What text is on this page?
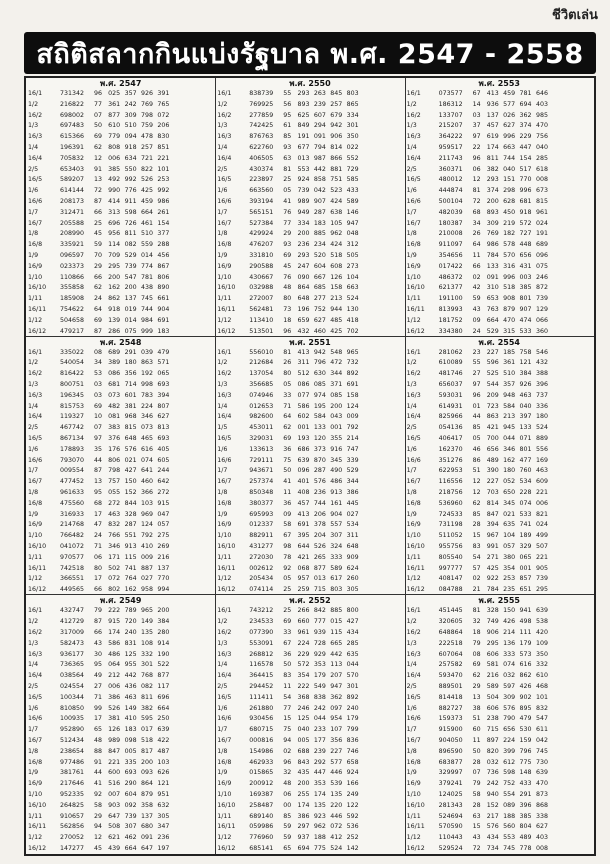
ชีวิตเล่น
สถิติสลากกินแบ่งรัฐบาล พ.ศ. 2547 - 2558
พ.ศ. 2547
16/1	731342	96 025 357 926 391
1/2	216822	77 361 242 769 765
16/2	698002	07 877 309 798 072
1/3	697483	50 610 510 759 206
16/3	615366	69 779 094 478 830
1/4	196391	62 808 918 257 851
16/4	705832	12 006 634 721 221
2/5	653403	91 385 550 822 101
16/5	589207	13 492 992 526 253
1/6	614144	72 990 776 425 992
16/6	208173	87 414 911 459 986
1/7	312471	66 313 598 664 261
16/7	205588	25 696 726 461 154
1/8	208990	45 956 811 510 377
16/8	335921	59 114 082 559 288
1/9	096597	70 709 529 014 456
16/9	023373	29 295 739 774 867
1/10	110866	66 200 547 781 806
16/10	355858	62 162 200 438 890
1/11	185908	24 862 137 745 661
16/11	754622	64 918 019 744 904
1/12	504658	69 139 014 984 691
16/12	479217	87 286 075 999 183
พ.ศ. 2550
16/1	838739	55 293 263 845 803
1/2	769925	56 893 239 257 865
16/2	277859	95 625 607 679 334
1/3	742425	61 849 294 942 301
16/3	876763	85 191 091 906 350
1/4	622760	93 677 794 814 022
16/4	406505	63 013 987 866 552
2/5	430374	81 553 442 881 729
16/5	223897	25 924 858 751 585
1/6	663560	05 739 042 523 433
16/6	393194	41 989 907 424 589
1/7	565151	76 949 287 638 146
16/7	527384	77 334 183 105 947
1/8	429924	29 200 885 962 048
16/8	476207	93 236 234 424 312
1/9	331810	69 293 520 518 505
16/9	290588	45 247 604 608 273
1/10	430667	76 090 667 126 104
16/10	032988	48 864 685 158 663
1/11	272007	80 648 277 213 524
16/11	562481	73 196 752 944 130
1/12	113410	18 659 627 485 418
16/12	513501	96 432 460 425 702
พ.ศ. 2553
16/1	073577	67 413 459 781 646
1/2	186312	14 936 577 694 403
16/2	133707	03 137 026 362 985
1/3	215207	37 457 627 374 470
16/3	364222	97 619 996 229 756
1/4	959517	22 174 663 447 040
16/4	211743	96 811 744 154 285
2/5	360371	06 382 040 517 618
16/5	480012	12 293 151 770 008
1/6	444874	81 374 298 996 673
16/6	500104	72 200 628 681 815
1/7	482039	68 893 450 918 961
16/7	180387	34 309 219 572 024
1/8	210008	26 769 182 727 191
16/8	911097	64 986 578 448 689
1/9	354656	11 784 570 656 096
16/9	017422	66 133 316 431 075
1/10	486372	02 091 996 003 246
16/10	621377	42 310 518 385 872
1/11	191100	59 653 908 801 739
16/11	813993	43 763 879 907 129
1/12	181752	09 664 470 474 066
16/12	334380	24 529 315 533 360
พ.ศ. 2548
16/1	335022	08 689 291 039 479
1/2	540054	34 389 180 863 571
16/2	816422	53 086 356 192 065
1/3	800751	03 681 714 998 693
16/3	196345	03 073 601 783 394
1/4	815753	69 482 381 224 807
16/4	119327	10 081 968 346 627
2/5	467742	07 383 815 073 813
16/5	867134	97 376 648 465 693
1/6	178893	35 176 576 616 405
16/6	793070	44 806 021 074 605
1/7	009554	87 798 427 641 244
16/7	477452	13 757 150 460 642
1/8	961633	95 055 152 366 272
16/8	475560	68 272 844 103 915
1/9	316933	17 463 328 969 047
16/9	214768	47 832 287 124 057
1/10	766482	24 766 551 792 275
16/10	041072	71 346 913 410 269
1/11	970577	06 171 115 009 216
16/11	742518	80 502 741 887 137
1/12	366551	17 072 764 027 770
16/12	449565	66 802 162 958 994
พ.ศ. 2551
16/1	556010	81 413 942 548 965
1/2	212684	26 311 796 472 732
16/2	137054	80 512 630 344 892
1/3	356685	05 086 085 371 691
16/3	074946	33 077 974 085 158
1/4	012653	71 586 195 200 124
16/4	982600	64 602 584 043 009
1/5	453011	62 001 133 001 792
16/5	329031	69 193 120 355 214
1/6	133613	36 686 373 916 747
16/6	729111	75 639 870 345 339
1/7	943671	50 096 287 490 529
16/7	257374	41 401 576 486 344
1/8	850348	11 408 236 913 386
16/8	380377	36 457 744 161 445
1/9	695993	09 413 206 904 027
16/9	012337	58 691 378 557 534
1/10	882911	67 395 204 307 311
16/10	431277	98 644 526 324 648
1/11	272030	78 421 265 333 909
16/11	002612	92 068 877 589 624
1/12	205434	05 957 013 617 260
16/12	074114	25 259 715 803 305
พ.ศ. 2554
16/1	281062	23 227 185 758 546
1/2	610089	55 596 361 121 432
16/2	481746	27 525 510 384 388
1/3	656037	97 544 357 926 396
16/3	593031	96 209 948 463 737
1/4	614931	01 723 584 040 336
16/4	825966	44 863 213 397 180
2/5	054136	85 421 945 133 524
16/5	406417	05 700 044 071 889
1/6	162370	46 656 346 801 556
16/6	351276	86 489 162 477 169
1/7	622953	51 390 180 760 463
16/7	116556	12 227 052 534 609
1/8	218756	12 703 650 228 221
16/8	536960	62 814 345 074 006
1/9	724533	85 847 021 533 821
16/9	731198	28 394 635 741 024
1/10	511052	15 967 104 189 499
16/10	955756	83 991 057 329 507
1/11	805540	54 271 380 065 221
16/11	997777	57 425 354 001 905
1/12	408147	02 922 253 857 739
16/12	084788	21 784 235 651 295
พ.ศ. 2549
16/1	432747	79 222 789 965 200
1/2	412729	87 915 720 149 384
16/2	317009	66 174 240 135 280
1/3	582473	43 586 831 108 914
16/3	936177	30 486 125 332 190
1/4	736365	95 064 955 301 522
16/4	038564	49 212 442 768 877
2/5	024554	27 006 436 082 117
16/5	100344	71 386 463 811 696
1/6	810850	99 526 149 382 664
16/6	100935	17 381 410 595 250
1/7	952890	65 126 183 017 639
16/7	512434	48 989 098 518 422
1/8	238654	88 847 005 817 487
16/8	977486	91 221 335 200 103
1/9	381761	44 600 693 093 626
16/9	217646	41 516 290 864 121
1/10	952335	92 007 604 879 951
16/10	264825	58 903 092 358 632
1/11	910657	29 647 739 137 305
16/11	562856	94 508 307 680 347
1/12	270052	12 621 462 091 236
16/12	147277	45 439 664 647 197
พ.ศ. 2552
16/1	743212	25 266 842 885 800
1/2	234533	69 660 777 015 427
16/2	077390	33 961 939 115 434
1/3	553091	67 224 728 665 285
16/3	268812	36 229 929 442 635
1/4	116578	50 572 353 113 044
16/4	364415	83 354 179 207 570
2/5	294452	11 222 549 947 301
16/5	111411	54 368 838 362 892
1/6	261880	77 246 242 097 240
16/6	930456	15 125 044 954 179
1/7	680715	75 040 233 107 799
16/7	000816	94 005 177 356 836
1/8	154986	02 688 239 227 746
16/8	462933	96 843 292 577 658
1/9	015865	32 435 447 446 924
16/9	200912	48 200 353 539 166
1/10	169387	06 255 174 135 249
16/10	258487	00 174 135 220 122
1/11	689140	85 386 923 446 592
16/11	059986	59 297 962 072 536
1/12	776960	59 937 188 412 252
16/12	685141	65 694 775 524 142
พ.ศ. 2555
16/1	451445	81 328 150 941 639
1/2	320605	32 749 426 498 538
16/2	648864	18 906 214 111 420
1/3	222518	79 295 136 179 109
16/3	607064	08 606 333 573 350
1/4	257582	69 581 074 616 332
16/4	593470	62 216 032 862 610
2/5	889501	29 589 597 426 468
16/5	814418	13 504 309 902 101
1/6	882727	38 606 576 895 832
16/6	159373	51 238 790 479 547
1/7	915900	60 715 656 530 611
16/7	904050	11 897 224 159 042
1/8	896590	50 820 399 796 745
16/8	683877	28 032 612 775 730
1/9	329997	07 736 598 148 639
16/9	379241	79 242 752 433 470
1/10	124025	58 940 554 291 873
16/10	281343	28 152 089 396 868
1/11	524694	63 217 188 385 338
16/11	570590	15 576 560 804 627
1/12	110443	43 434 553 489 403
16/12	529524	72 734 745 778 008
